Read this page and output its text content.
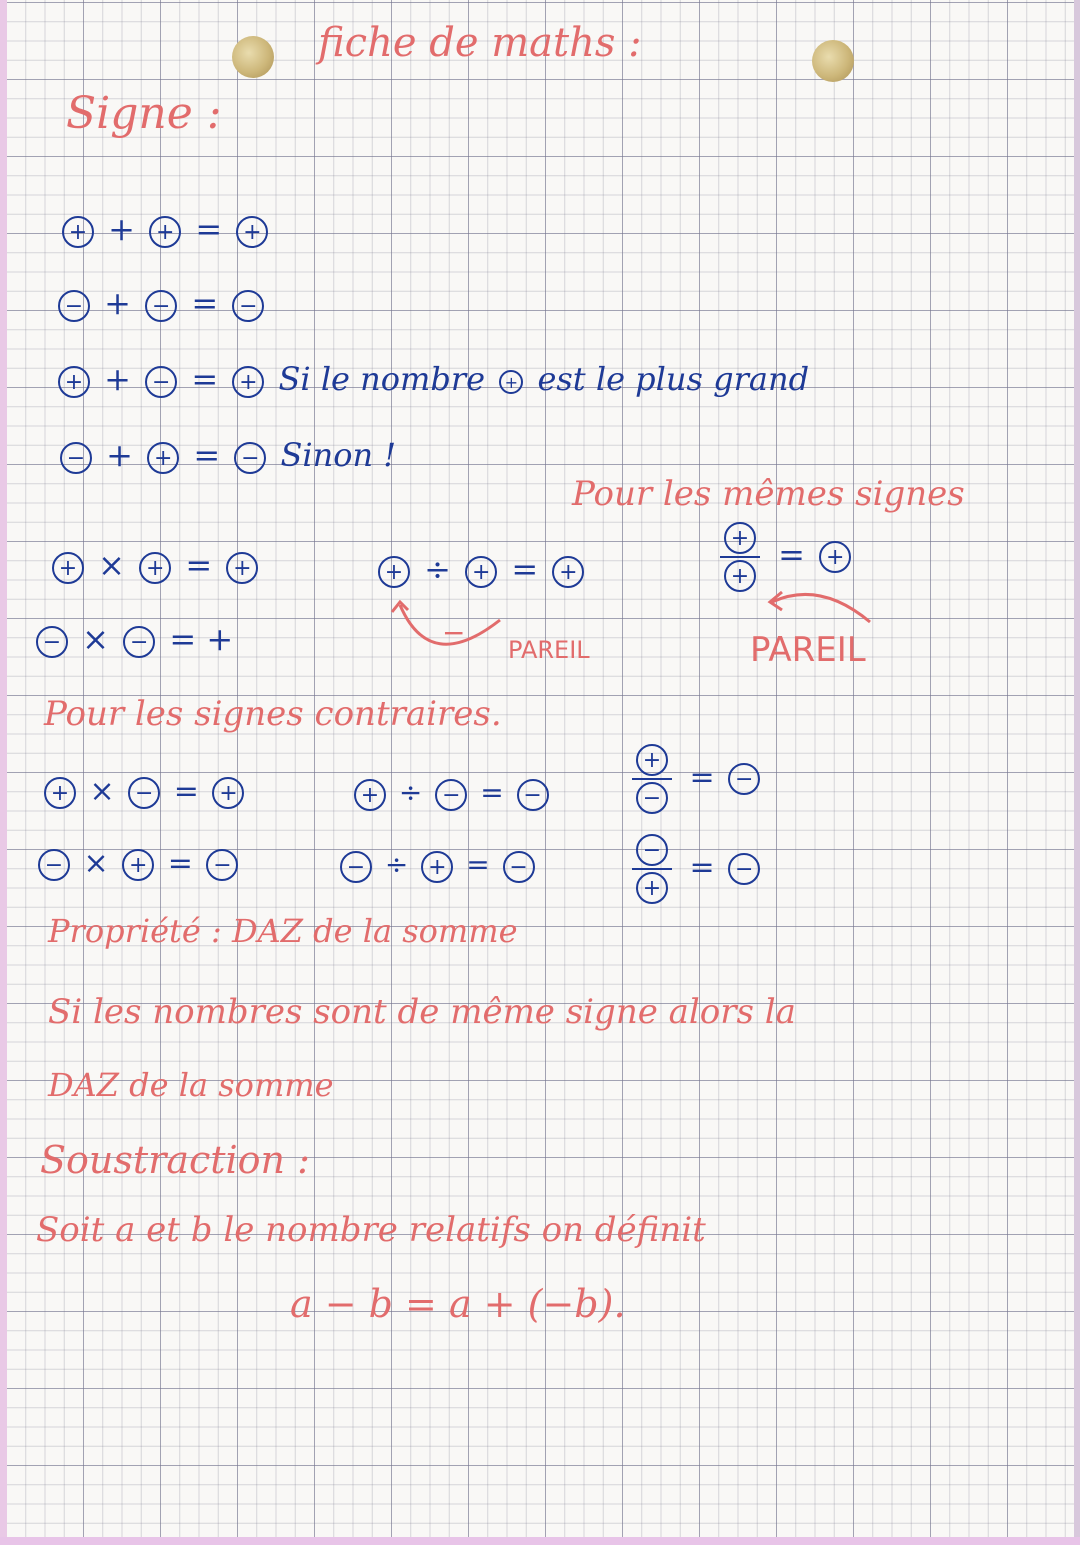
fiche de maths :

Signe :

+ + + = +
− + − = −
+ + − = + Si le nombre + est le plus grand
− + + = − Sinon !

Pour les mêmes signes

+ × + = +
− × − = +
+ ÷ + = +

−

PAREIL

$\frac{+}{+}$ = +

PAREIL

Pour les signes contraires.

+ × − = +
− × + = −
+ ÷ − = −
− ÷ + = −
$\frac{+}{-}$ = −
$\frac{-}{+}$ = −

Propriété : DAZ de la somme

Si les nombres sont de même signe alors la

DAZ de la somme

Soustraction :

Soit a et b le nombre relatifs on définit

a − b = a + (−b).
